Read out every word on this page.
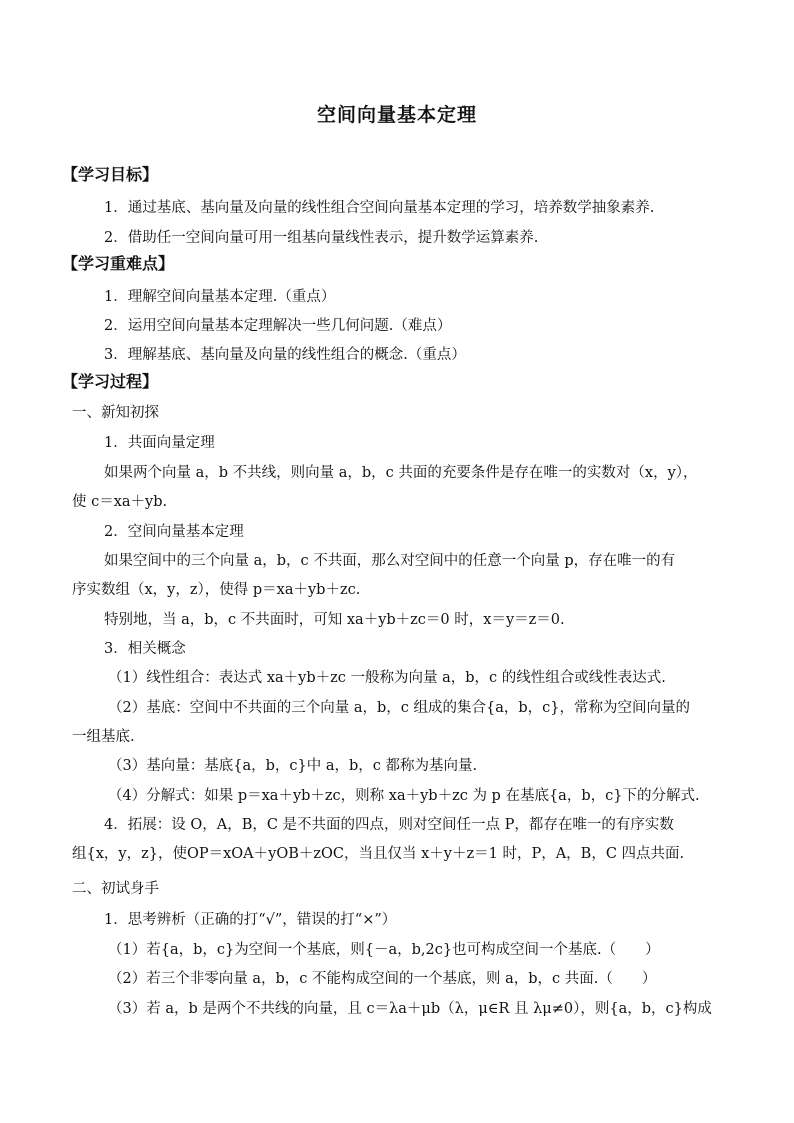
空间向量基本定理
【学习目标】
1．通过基底、基向量及向量的线性组合空间向量基本定理的学习，培养数学抽象素养.
2．借助任一空间向量可用一组基向量线性表示，提升数学运算素养.
【学习重难点】
1．理解空间向量基本定理.（重点）
2．运用空间向量基本定理解决一些几何问题.（难点）
3．理解基底、基向量及向量的线性组合的概念.（重点）
【学习过程】
一、新知初探
1．共面向量定理
如果两个向量 a，b 不共线，则向量 a，b，c 共面的充要条件是存在唯一的实数对（x，y），
使 c＝xa＋yb.
2．空间向量基本定理
如果空间中的三个向量 a，b，c 不共面，那么对空间中的任意一个向量 p，存在唯一的有
序实数组（x，y，z），使得 p＝xa＋yb＋zc.
特别地，当 a，b，c 不共面时，可知 xa＋yb＋zc＝0 时，x＝y＝z＝0.
3．相关概念
（1）线性组合：表达式 xa＋yb＋zc 一般称为向量 a，b，c 的线性组合或线性表达式.
（2）基底：空间中不共面的三个向量 a，b，c 组成的集合{a，b，c}，常称为空间向量的
一组基底.
（3）基向量：基底{a，b，c}中 a，b，c 都称为基向量.
（4）分解式：如果 p＝xa＋yb＋zc，则称 xa＋yb＋zc 为 p 在基底{a，b，c}下的分解式.
4．拓展：设 O，A，B，C 是不共面的四点，则对空间任一点 P，都存在唯一的有序实数
组{x，y，z}，使OP＝xOA＋yOB＋zOC，当且仅当 x＋y＋z＝1 时，P，A，B，C 四点共面.
二、初试身手
1．思考辨析（正确的打“√”，错误的打“×”）
（1）若{a，b，c}为空间一个基底，则{－a，b,2c}也可构成空间一个基底.（　　）
（2）若三个非零向量 a，b，c 不能构成空间的一个基底，则 a，b，c 共面.（　　）
（3）若 a，b 是两个不共线的向量，且 c＝λa＋μb（λ，μ∈R 且 λμ≠0），则{a，b，c}构成
